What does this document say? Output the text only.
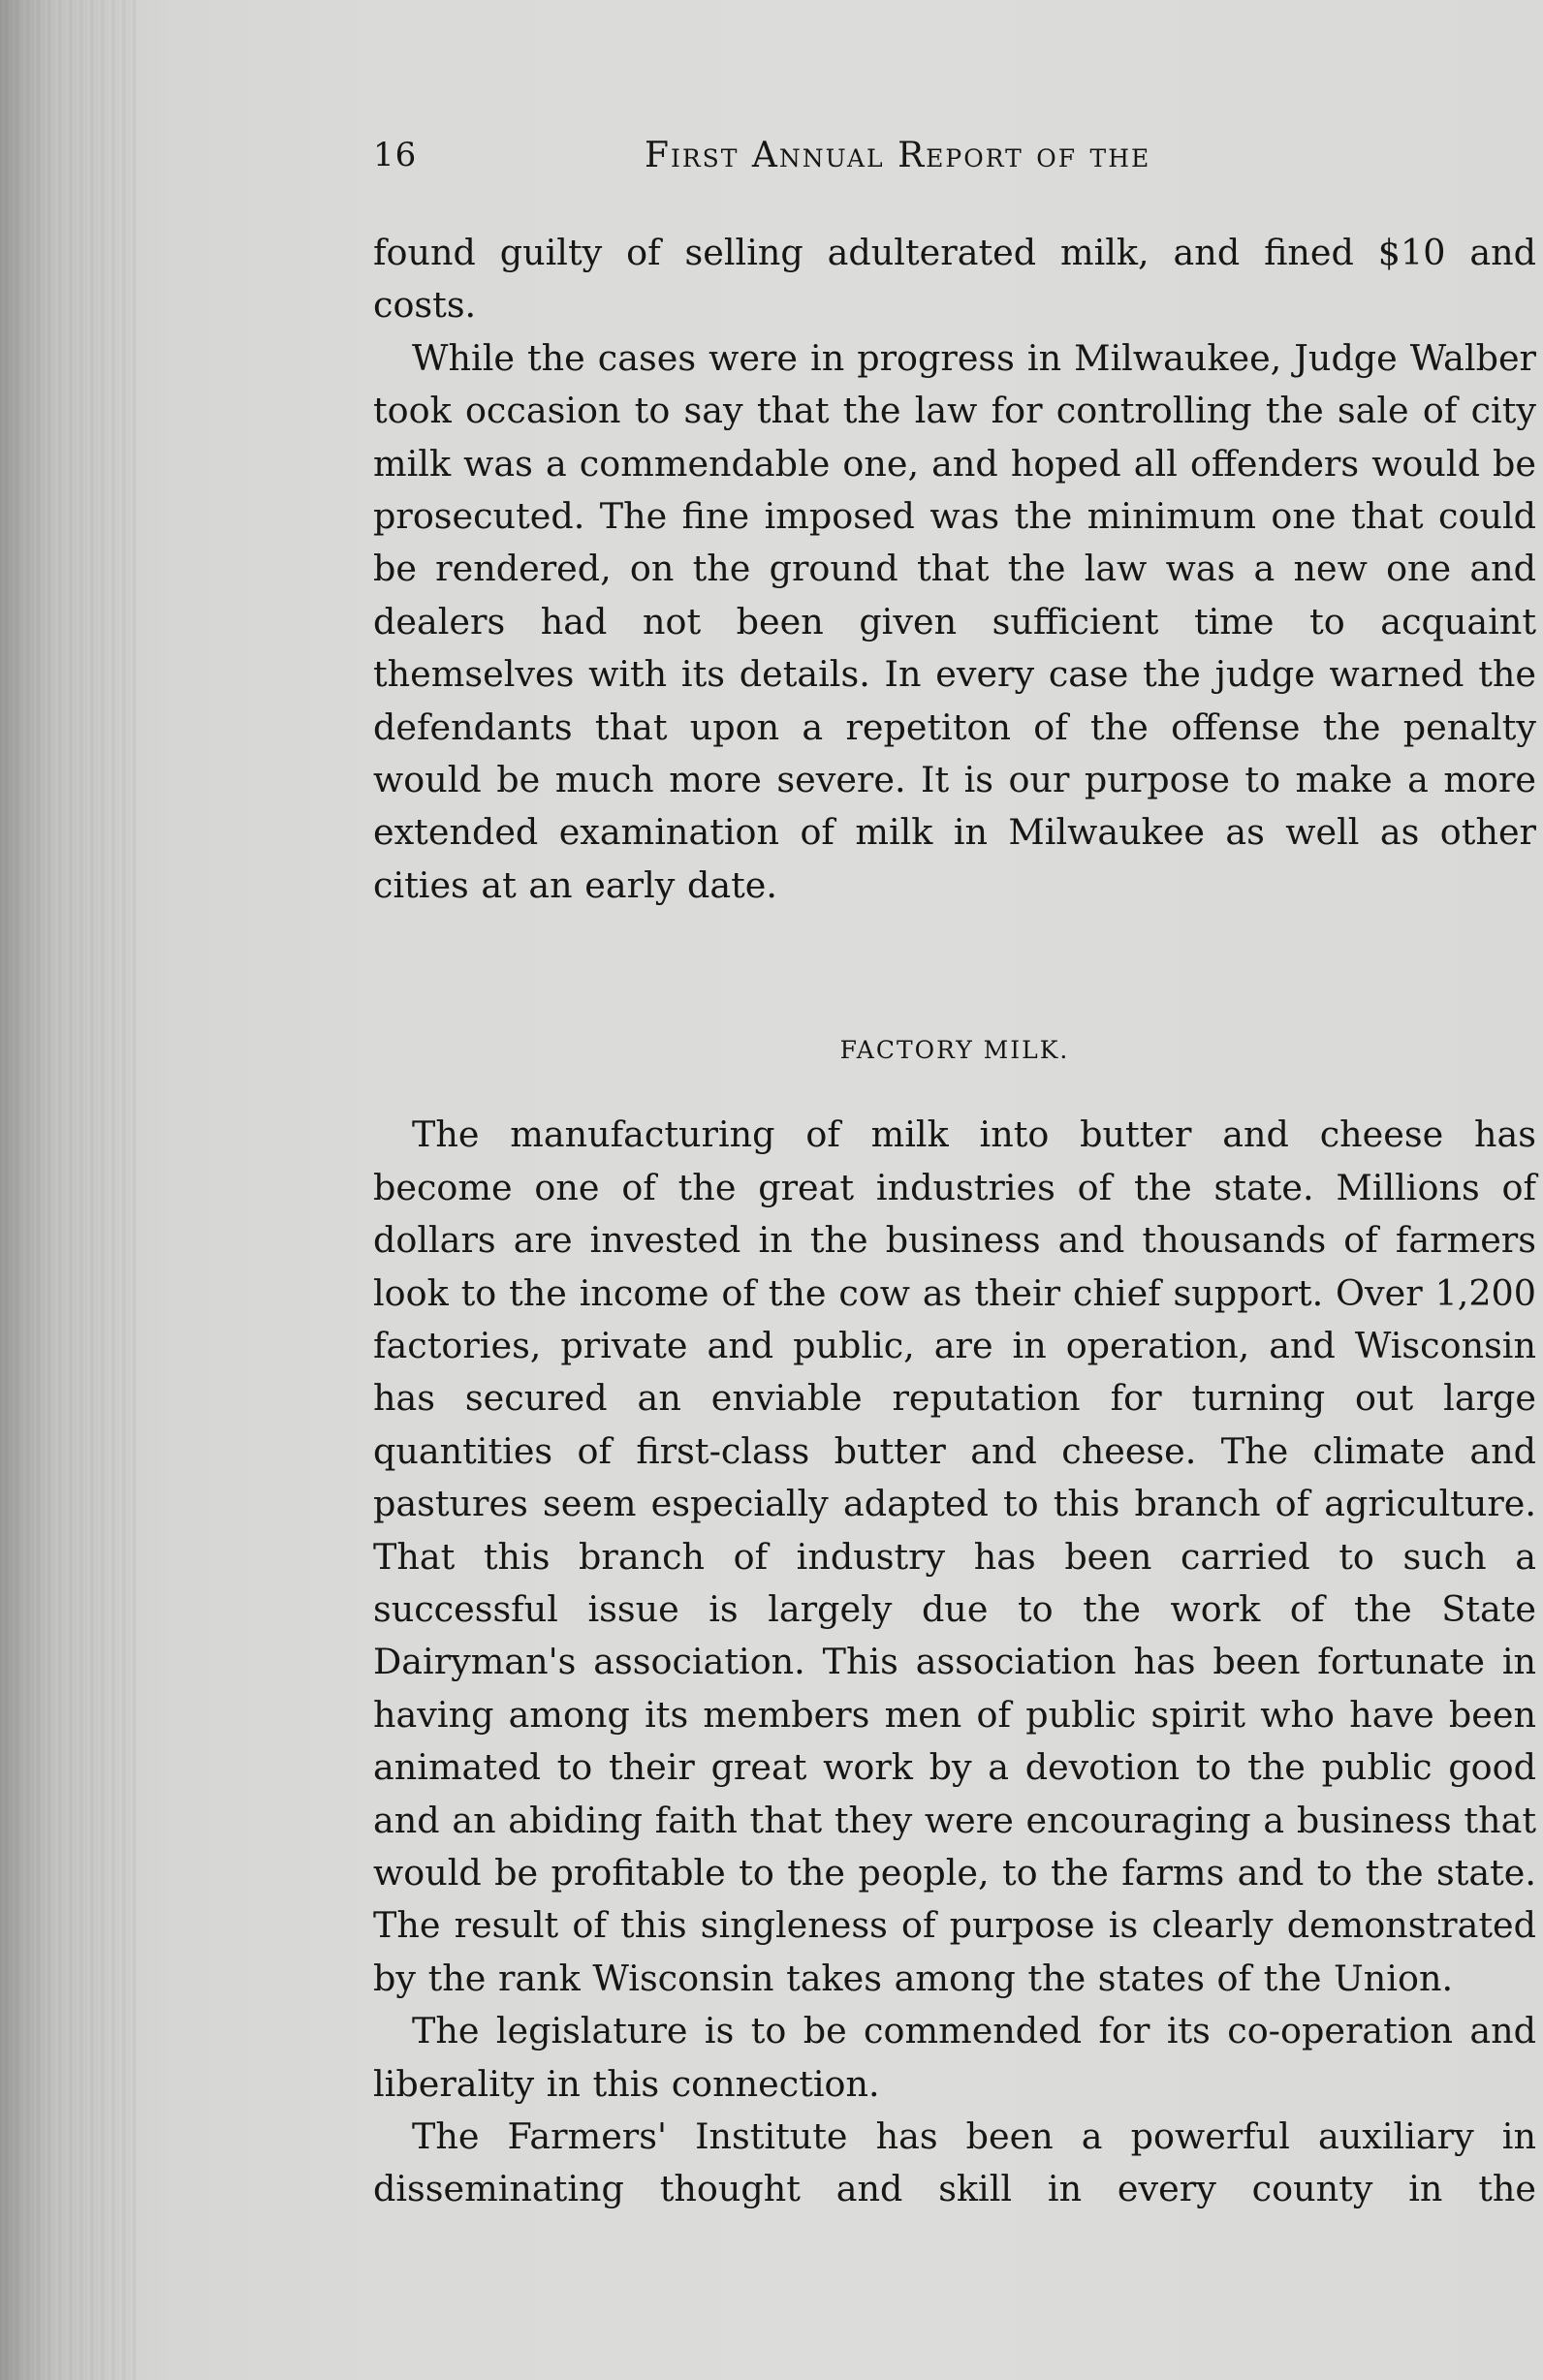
16	First Annual Report of the

found guilty of selling adulterated milk, and fined $10 and costs.

While the cases were in progress in Milwaukee, Judge Walber took occasion to say that the law for controlling the sale of city milk was a commendable one, and hoped all offenders would be prosecuted. The fine imposed was the minimum one that could be rendered, on the ground that the law was a new one and dealers had not been given sufficient time to acquaint themselves with its details. In every case the judge warned the defendants that upon a repetiton of the offense the penalty would be much more severe. It is our purpose to make a more extended examination of milk in Milwaukee as well as other cities at an early date.

FACTORY MILK.

The manufacturing of milk into butter and cheese has become one of the great industries of the state. Millions of dollars are invested in the business and thousands of farmers look to the income of the cow as their chief support. Over 1,200 factories, private and public, are in operation, and Wisconsin has secured an enviable reputation for turning out large quantities of first-class butter and cheese. The climate and pastures seem especially adapted to this branch of agriculture. That this branch of industry has been carried to such a successful issue is largely due to the work of the State Dairyman's association. This association has been fortunate in having among its members men of public spirit who have been animated to their great work by a devotion to the public good and an abiding faith that they were encouraging a business that would be profitable to the people, to the farms and to the state. The result of this singleness of purpose is clearly demonstrated by the rank Wisconsin takes among the states of the Union.

The legislature is to be commended for its co-operation and liberality in this connection.

The Farmers' Institute has been a powerful auxiliary in disseminating thought and skill in every county in the
